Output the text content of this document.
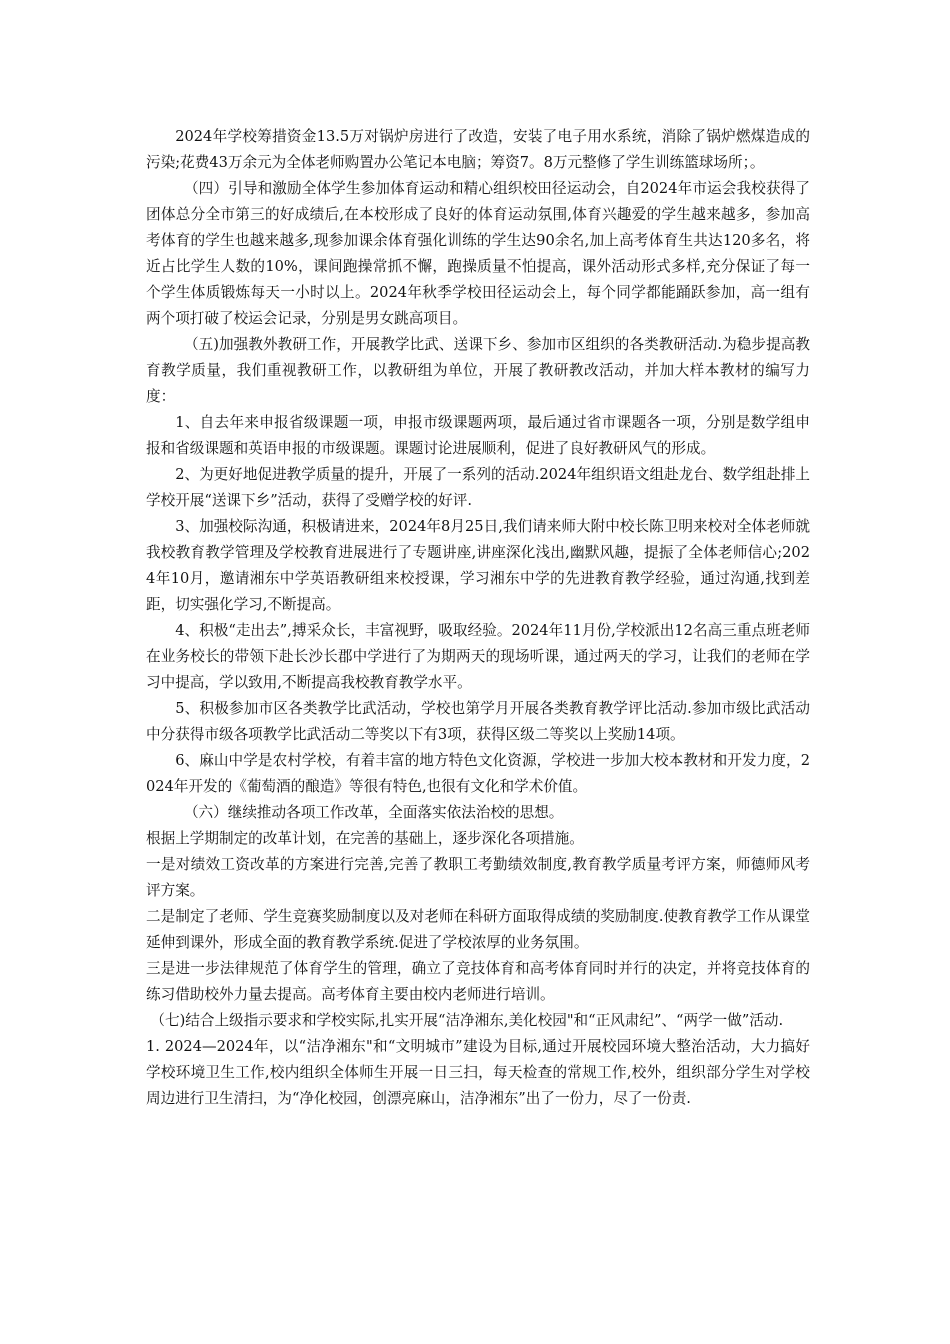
2024年学校筹措资金13.5万对锅炉房进行了改造，安装了电子用水系统，消除了锅炉燃煤造成的污染;花费43万余元为全体老师购置办公笔记本电脑；筹资7。8万元整修了学生训练篮球场所；。

（四）引导和激励全体学生参加体育运动和精心组织校田径运动会，自2024年市运会我校获得了团体总分全市第三的好成绩后,在本校形成了良好的体育运动氛围,体育兴趣爱的学生越来越多，参加高考体育的学生也越来越多,现参加课余体育强化训练的学生达90余名,加上高考体育生共达120多名，将近占比学生人数的10%，课间跑操常抓不懈，跑操质量不怕提高，课外活动形式多样,充分保证了每一个学生体质锻炼每天一小时以上。2024年秋季学校田径运动会上，每个同学都能踊跃参加，高一组有两个项打破了校运会记录，分别是男女跳高项目。

（五)加强教外教研工作，开展教学比武、送课下乡、参加市区组织的各类教研活动.为稳步提高教育教学质量，我们重视教研工作，以教研组为单位，开展了教研教改活动，并加大样本教材的编写力度：

1、自去年来申报省级课题一项，申报市级课题两项，最后通过省市课题各一项，分别是数学组申报和省级课题和英语申报的市级课题。课题讨论进展顺利，促进了良好教研风气的形成。

2、为更好地促进教学质量的提升，开展了一系列的活动.2024年组织语文组赴龙台、数学组赴排上学校开展“送课下乡”活动，获得了受赠学校的好评.

3、加强校际沟通，积极请进来，2024年8月25日,我们请来师大附中校长陈卫明来校对全体老师就我校教育教学管理及学校教育进展进行了专题讲座,讲座深化浅出,幽默风趣，提振了全体老师信心;2024年10月，邀请湘东中学英语教研组来校授课，学习湘东中学的先进教育教学经验，通过沟通,找到差距，切实强化学习,不断提高。

4、积极“走出去”,搏采众长，丰富视野，吸取经验。2024年11月份,学校派出12名高三重点班老师在业务校长的带领下赴长沙长郡中学进行了为期两天的现场听课，通过两天的学习，让我们的老师在学习中提高，学以致用,不断提高我校教育教学水平。

5、积极参加市区各类教学比武活动，学校也第学月开展各类教育教学评比活动.参加市级比武活动中分获得市级各项教学比武活动二等奖以下有3项，获得区级二等奖以上奖励14项。

6、麻山中学是农村学校，有着丰富的地方特色文化资源，学校进一步加大校本教材和开发力度，2024年开发的《葡萄酒的酿造》等很有特色,也很有文化和学术价值。

（六）继续推动各项工作改革，全面落实依法治校的思想。

根据上学期制定的改革计划，在完善的基础上，逐步深化各项措施。

一是对绩效工资改革的方案进行完善,完善了教职工考勤绩效制度,教育教学质量考评方案，师德师风考评方案。

二是制定了老师、学生竞赛奖励制度以及对老师在科研方面取得成绩的奖励制度.使教育教学工作从课堂延伸到课外，形成全面的教育教学系统.促进了学校浓厚的业务氛围。

三是进一步法律规范了体育学生的管理，确立了竞技体育和高考体育同时并行的决定，并将竞技体育的练习借助校外力量去提高。高考体育主要由校内老师进行培训。

（七)结合上级指示要求和学校实际,扎实开展“洁净湘东,美化校园"和“正风肃纪”、“两学一做”活动.

1. 2024—2024年，以“洁净湘东"和“文明城市”建设为目标,通过开展校园环境大整治活动，大力搞好学校环境卫生工作,校内组织全体师生开展一日三扫，每天检查的常规工作,校外，组织部分学生对学校周边进行卫生清扫，为“净化校园，创漂亮麻山，洁净湘东”出了一份力，尽了一份责.
